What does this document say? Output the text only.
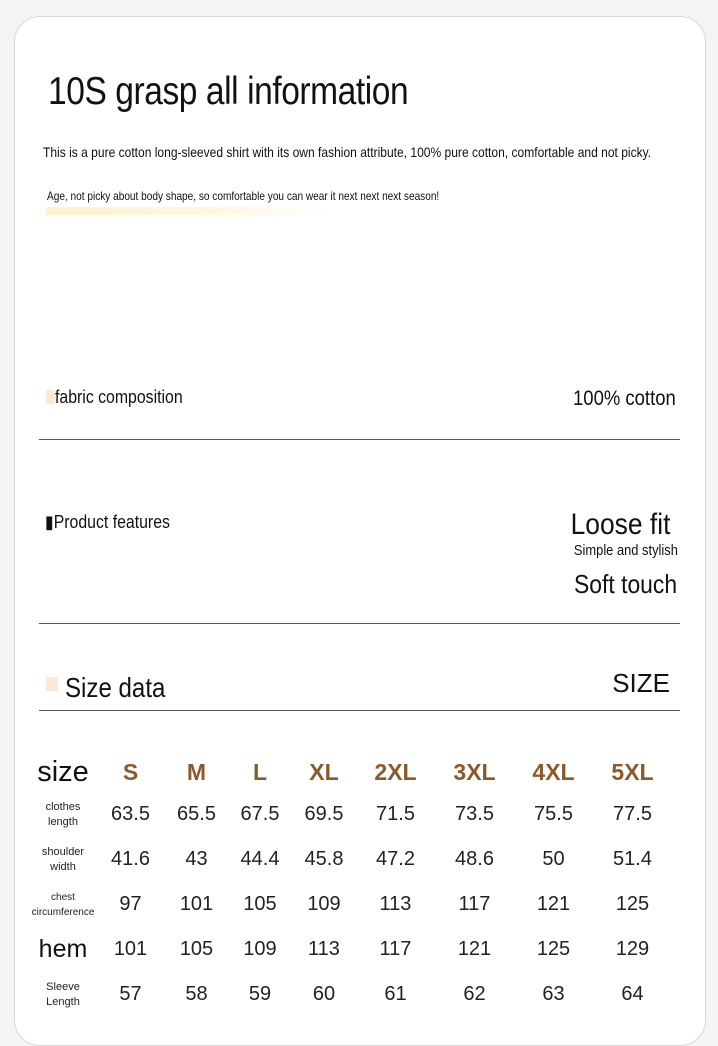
10S grasp all information
This is a pure cotton long-sleeved shirt with its own fashion attribute, 100% pure cotton, comfortable and not picky.
Age, not picky about body shape, so comfortable you can wear it next next next season!
fabric composition	100% cotton
▮Product features	Loose fit
Simple and stylish
Soft touch
Size data	SIZE
size	S	M	L	XL	2XL	3XL	4XL	5XL
clothes length	63.5	65.5	67.5	69.5	71.5	73.5	75.5	77.5
shoulder width	41.6	43	44.4	45.8	47.2	48.6	50	51.4
chest circumference	97	101	105	109	113	117	121	125
hem	101	105	109	113	117	121	125	129
Sleeve Length	57	58	59	60	61	62	63	64
